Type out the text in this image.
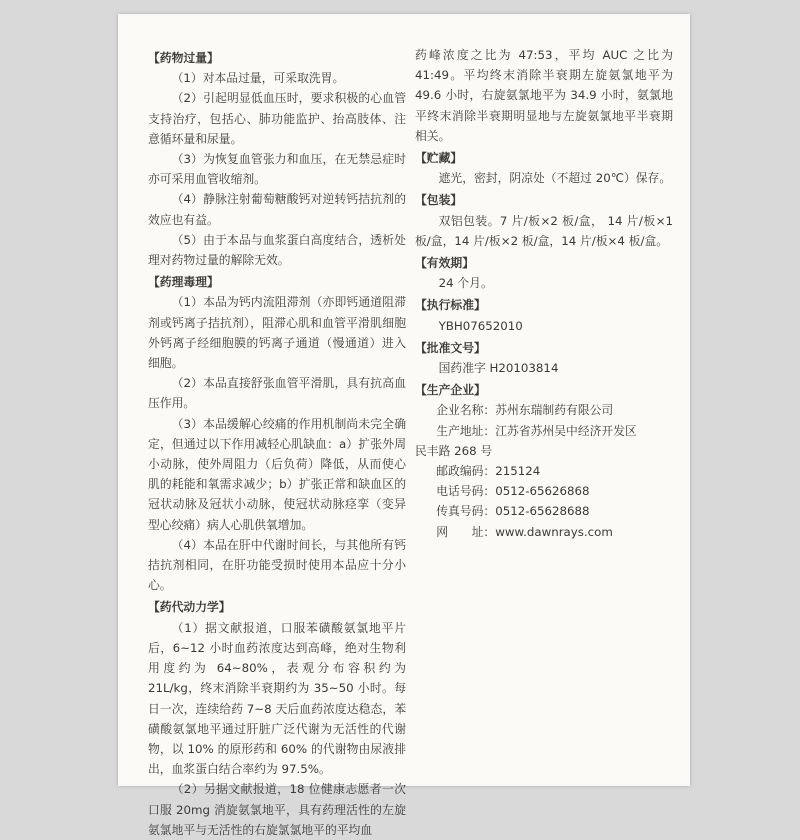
【药物过量】

（1）对本品过量，可采取洗胃。

（2）引起明显低血压时，要求积极的心血管支持治疗，包括心、肺功能监护、抬高肢体、注意循环量和尿量。

（3）为恢复血管张力和血压，在无禁忌症时亦可采用血管收缩剂。

（4）静脉注射葡萄糖酸钙对逆转钙拮抗剂的效应也有益。

（5）由于本品与血浆蛋白高度结合，透析处理对药物过量的解除无效。

【药理毒理】

（1）本品为钙内流阻滞剂（亦即钙通道阻滞剂或钙离子拮抗剂），阻滞心肌和血管平滑肌细胞外钙离子经细胞膜的钙离子通道（慢通道）进入细胞。

（2）本品直接舒张血管平滑肌，具有抗高血压作用。

（3）本品缓解心绞痛的作用机制尚未完全确定，但通过以下作用减轻心肌缺血：a）扩张外周小动脉，使外周阻力（后负荷）降低，从而使心肌的耗能和氧需求减少；b）扩张正常和缺血区的冠状动脉及冠状小动脉，使冠状动脉痉挛（变异型心绞痛）病人心肌供氧增加。

（4）本品在肝中代谢时间长，与其他所有钙拮抗剂相同，在肝功能受损时使用本品应十分小心。

【药代动力学】

（1）据文献报道，口服苯磺酸氨氯地平片后，6~12 小时血药浓度达到高峰，绝对生物利用度约为 64~80%，表观分布容积约为 21L/kg，终末消除半衰期约为 35~50 小时。每日一次，连续给药 7~8 天后血药浓度达稳态，苯磺酸氨氯地平通过肝脏广泛代谢为无活性的代谢物，以 10% 的原形药和 60% 的代谢物由尿液排出，血浆蛋白结合率约为 97.5%。

（2）另据文献报道，18 位健康志愿者一次口服 20mg 消旋氨氯地平，具有药理活性的左旋氨氯地平与无活性的右旋氯氯地平的平均血

药峰浓度之比为 47:53，平均 AUC 之比为 41:49。平均终末消除半衰期左旋氨氯地平为 49.6 小时，右旋氨氯地平为 34.9 小时，氨氯地平终末消除半衰期明显地与左旋氨氯地平半衰期相关。

【贮藏】

遮光，密封，阴凉处（不超过 20℃）保存。

【包装】

双铝包装。7 片/板×2 板/盒， 14 片/板×1 板/盒，14 片/板×2 板/盒，14 片/板×4 板/盒。

【有效期】

24 个月。

【执行标准】

YBH07652010

【批准文号】

国药准字 H20103814

【生产企业】
企业名称： 苏州东瑞制药有限公司
生产地址： 江苏省苏州吴中经济开发区
民丰路 268 号
邮政编码： 215124
电话号码： 0512-65626868
传真号码： 0512-65628688
网　　址： www.dawnrays.com
